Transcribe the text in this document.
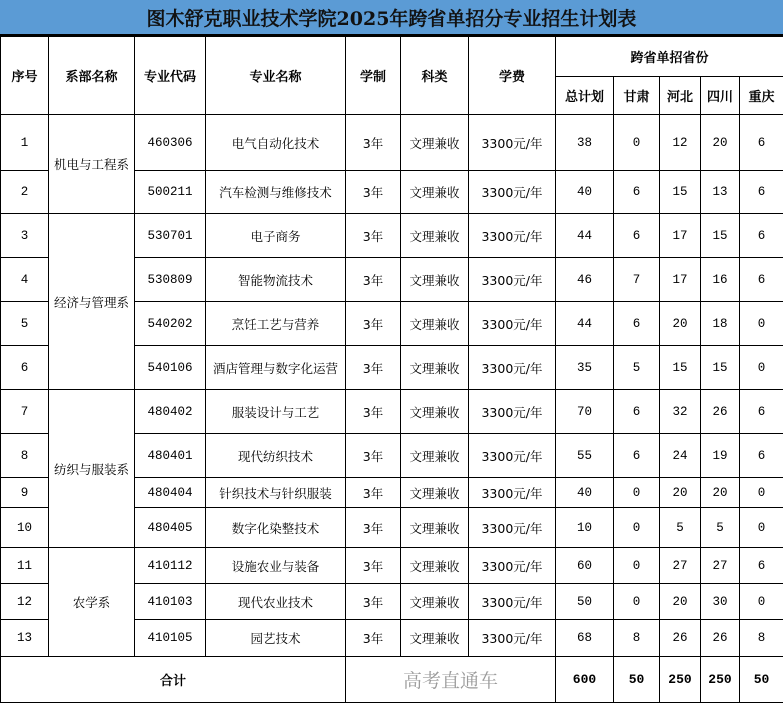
图木舒克职业技术学院2025年跨省单招分专业招生计划表
序号	系部名称	专业代码	专业名称	学制	科类	学费	跨省单招省份				
							总计划	甘肃	河北	四川	重庆
1	机电与工程系	460306	电气自动化技术	3年	文理兼收	3300元/年	38	0	12	20	6
2		500211	汽车检测与维修技术	3年	文理兼收	3300元/年	40	6	15	13	6
3	经济与管理系	530701	电子商务	3年	文理兼收	3300元/年	44	6	17	15	6
4		530809	智能物流技术	3年	文理兼收	3300元/年	46	7	17	16	6
5		540202	烹饪工艺与营养	3年	文理兼收	3300元/年	44	6	20	18	0
6		540106	酒店管理与数字化运营	3年	文理兼收	3300元/年	35	5	15	15	0
7	纺织与服装系	480402	服装设计与工艺	3年	文理兼收	3300元/年	70	6	32	26	6
8		480401	现代纺织技术	3年	文理兼收	3300元/年	55	6	24	19	6
9		480404	针织技术与针织服装	3年	文理兼收	3300元/年	40	0	20	20	0
10		480405	数字化染整技术	3年	文理兼收	3300元/年	10	0	5	5	0
11	农学系	410112	设施农业与装备	3年	文理兼收	3300元/年	60	0	27	27	6
12		410103	现代农业技术	3年	文理兼收	3300元/年	50	0	20	30	0
13		410105	园艺技术	3年	文理兼收	3300元/年	68	8	26	26	8
合计				高考直通车			600	50	250	250	50
